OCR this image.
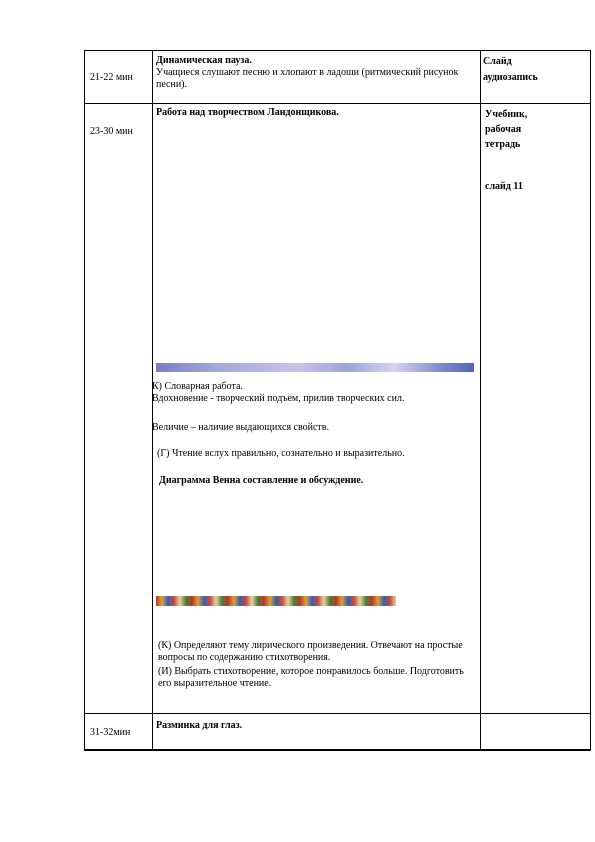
21-22 мин
Динамическая пауза.
Учащиеся слушают песню и хлопают в ладоши (ритмический рисунок песни).
Слайд
аудиозапись
23-30 мин
Работа над творчеством Ландонщикова.	Учебник,
рабочая
тетрадь
слайд 11
К) Словарная работа.
Вдохновение - творческий подъем, прилив творческих сил.
Величие – наличие выдающихся свойств.
(Г) Чтение вслух правильно, сознательно и выразительно.
Диаграмма Венна составление и обсуждение.
(К) Определяют тему лирического произведения. Отвечают на простые вопросы по содержанию стихотворения.
(И) Выбрать стихотворение, которое понравилось больше. Подготовить его выразительное чтение.
31-32мин
Разминка для глаз.
